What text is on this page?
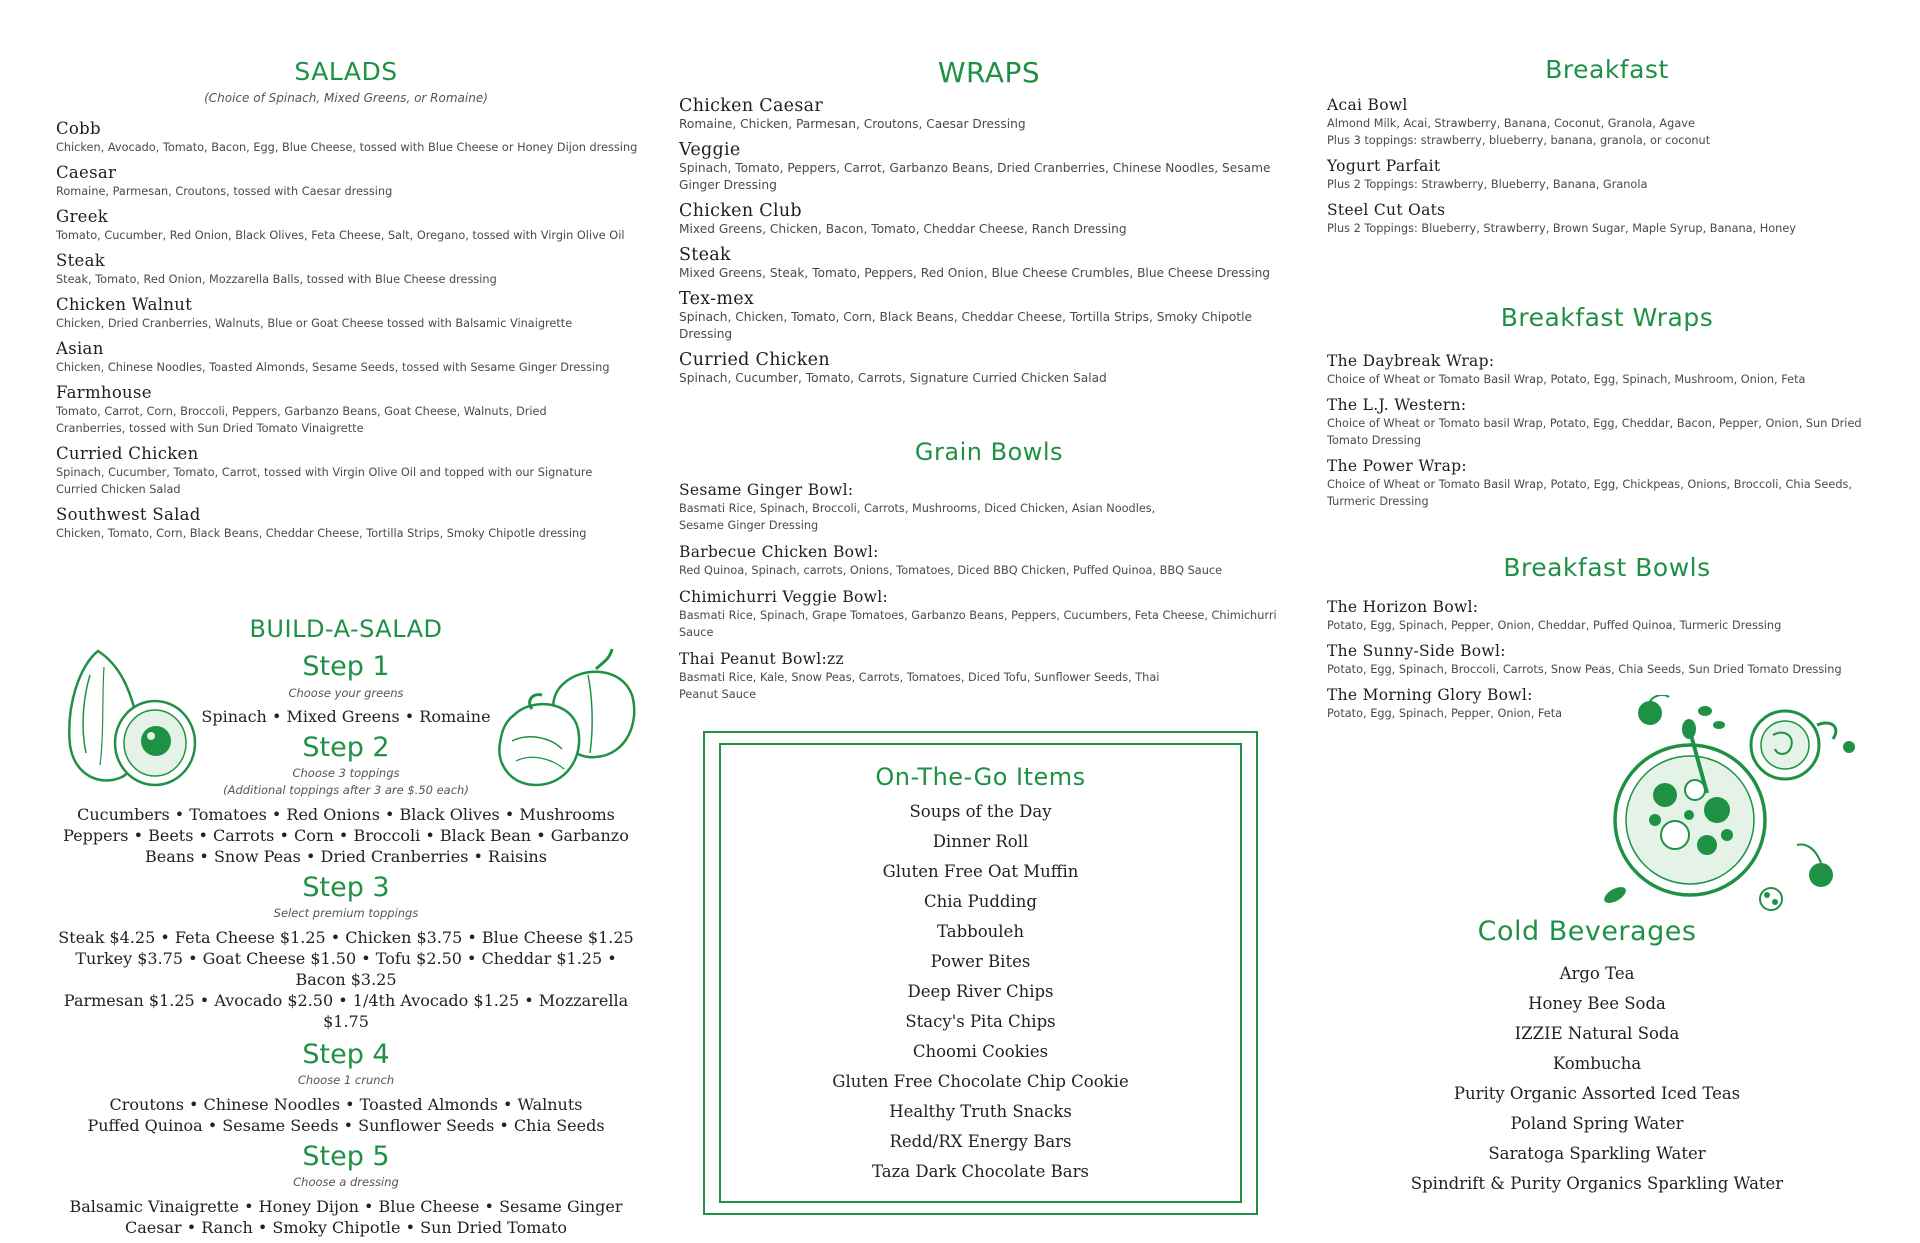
SALADS
(Choice of Spinach, Mixed Greens, or Romaine)
Cobb
Chicken, Avocado, Tomato, Bacon, Egg, Blue Cheese, tossed with Blue Cheese or Honey Dijon dressing
Caesar
Romaine, Parmesan, Croutons, tossed with Caesar dressing
Greek
Tomato, Cucumber, Red Onion, Black Olives, Feta Cheese, Salt, Oregano, tossed with Virgin Olive Oil
Steak
Steak, Tomato, Red Onion, Mozzarella Balls, tossed with Blue Cheese dressing
Chicken Walnut
Chicken, Dried Cranberries, Walnuts, Blue or Goat Cheese tossed with Balsamic Vinaigrette
Asian
Chicken, Chinese Noodles, Toasted Almonds, Sesame Seeds, tossed with Sesame Ginger Dressing
Farmhouse
Tomato, Carrot, Corn, Broccoli, Peppers, Garbanzo Beans, Goat Cheese, Walnuts, Dried Cranberries, tossed with Sun Dried Tomato Vinaigrette
Curried Chicken
Spinach, Cucumber, Tomato, Carrot, tossed with Virgin Olive Oil and topped with our Signature Curried Chicken Salad
Southwest Salad
Chicken, Tomato, Corn, Black Beans, Cheddar Cheese, Tortilla Strips, Smoky Chipotle dressing
BUILD-A-SALAD
Step 1
Choose your greens
Spinach • Mixed Greens • Romaine
Step 2
Choose 3 toppings
(Additional toppings after 3 are $.50 each)
Cucumbers • Tomatoes • Red Onions • Black Olives • Mushrooms
Peppers • Beets • Carrots • Corn • Broccoli • Black Bean • Garbanzo
Beans • Snow Peas • Dried Cranberries • Raisins
Step 3
Select premium toppings
Steak $4.25 • Feta Cheese $1.25 • Chicken $3.75 • Blue Cheese $1.25
Turkey $3.75 • Goat Cheese $1.50 • Tofu $2.50 • Cheddar $1.25 • Bacon $3.25
Parmesan $1.25 • Avocado $2.50 • 1/4th Avocado $1.25 • Mozzarella $1.75
Step 4
Choose 1 crunch
Croutons • Chinese Noodles • Toasted Almonds • Walnuts
Puffed Quinoa • Sesame Seeds • Sunflower Seeds • Chia Seeds
Step 5
Choose a dressing
Balsamic Vinaigrette • Honey Dijon • Blue Cheese • Sesame Ginger
Caesar • Ranch • Smoky Chipotle • Sun Dried Tomato
WRAPS
Chicken Caesar
Romaine, Chicken, Parmesan, Croutons, Caesar Dressing
Veggie
Spinach, Tomato, Peppers, Carrot, Garbanzo Beans, Dried Cranberries, Chinese Noodles, Sesame Ginger Dressing
Chicken Club
Mixed Greens, Chicken, Bacon, Tomato, Cheddar Cheese, Ranch Dressing
Steak
Mixed Greens, Steak, Tomato, Peppers, Red Onion, Blue Cheese Crumbles, Blue Cheese Dressing
Tex-mex
Spinach, Chicken, Tomato, Corn, Black Beans, Cheddar Cheese, Tortilla Strips, Smoky Chipotle Dressing
Curried Chicken
Spinach, Cucumber, Tomato, Carrots, Signature Curried Chicken Salad
Grain Bowls
Sesame Ginger Bowl:
Basmati Rice, Spinach, Broccoli, Carrots, Mushrooms, Diced Chicken, Asian Noodles, Sesame Ginger Dressing
Barbecue Chicken Bowl:
Red Quinoa, Spinach, carrots, Onions, Tomatoes, Diced BBQ Chicken, Puffed Quinoa, BBQ Sauce
Chimichurri Veggie Bowl:
Basmati Rice, Spinach, Grape Tomatoes, Garbanzo Beans, Peppers, Cucumbers, Feta Cheese, Chimichurri Sauce
Thai Peanut Bowl:zz
Basmati Rice, Kale, Snow Peas, Carrots, Tomatoes, Diced Tofu, Sunflower Seeds, Thai Peanut Sauce
On-The-Go Items
Soups of the Day
Dinner Roll
Gluten Free Oat Muffin
Chia Pudding
Tabbouleh
Power Bites
Deep River Chips
Stacy's Pita Chips
Choomi Cookies
Gluten Free Chocolate Chip Cookie
Healthy Truth Snacks
Redd/RX Energy Bars
Taza Dark Chocolate Bars
Breakfast
Acai Bowl
Almond Milk, Acai, Strawberry, Banana, Coconut, Granola, Agave
Plus 3 toppings: strawberry, blueberry, banana, granola, or coconut
Yogurt Parfait
Plus 2 Toppings: Strawberry, Blueberry, Banana, Granola
Steel Cut Oats
Plus 2 Toppings: Blueberry, Strawberry, Brown Sugar, Maple Syrup, Banana, Honey
Breakfast Wraps
The Daybreak Wrap:
Choice of Wheat or Tomato Basil Wrap, Potato, Egg, Spinach, Mushroom, Onion, Feta
The L.J. Western:
Choice of Wheat or Tomato basil Wrap, Potato, Egg, Cheddar, Bacon, Pepper, Onion, Sun Dried Tomato Dressing
The Power Wrap:
Choice of Wheat or Tomato Basil Wrap, Potato, Egg, Chickpeas, Onions, Broccoli, Chia Seeds, Turmeric Dressing
Breakfast Bowls
The Horizon Bowl:
Potato, Egg, Spinach, Pepper, Onion, Cheddar, Puffed Quinoa, Turmeric Dressing
The Sunny-Side Bowl:
Potato, Egg, Spinach, Broccoli, Carrots, Snow Peas, Chia Seeds, Sun Dried Tomato Dressing
The Morning Glory Bowl:
Potato, Egg, Spinach, Pepper, Onion, Feta
Cold Beverages
Argo Tea
Honey Bee Soda
IZZIE Natural Soda
Kombucha
Purity Organic Assorted Iced Teas
Poland Spring Water
Saratoga Sparkling Water
Spindrift & Purity Organics Sparkling Water
